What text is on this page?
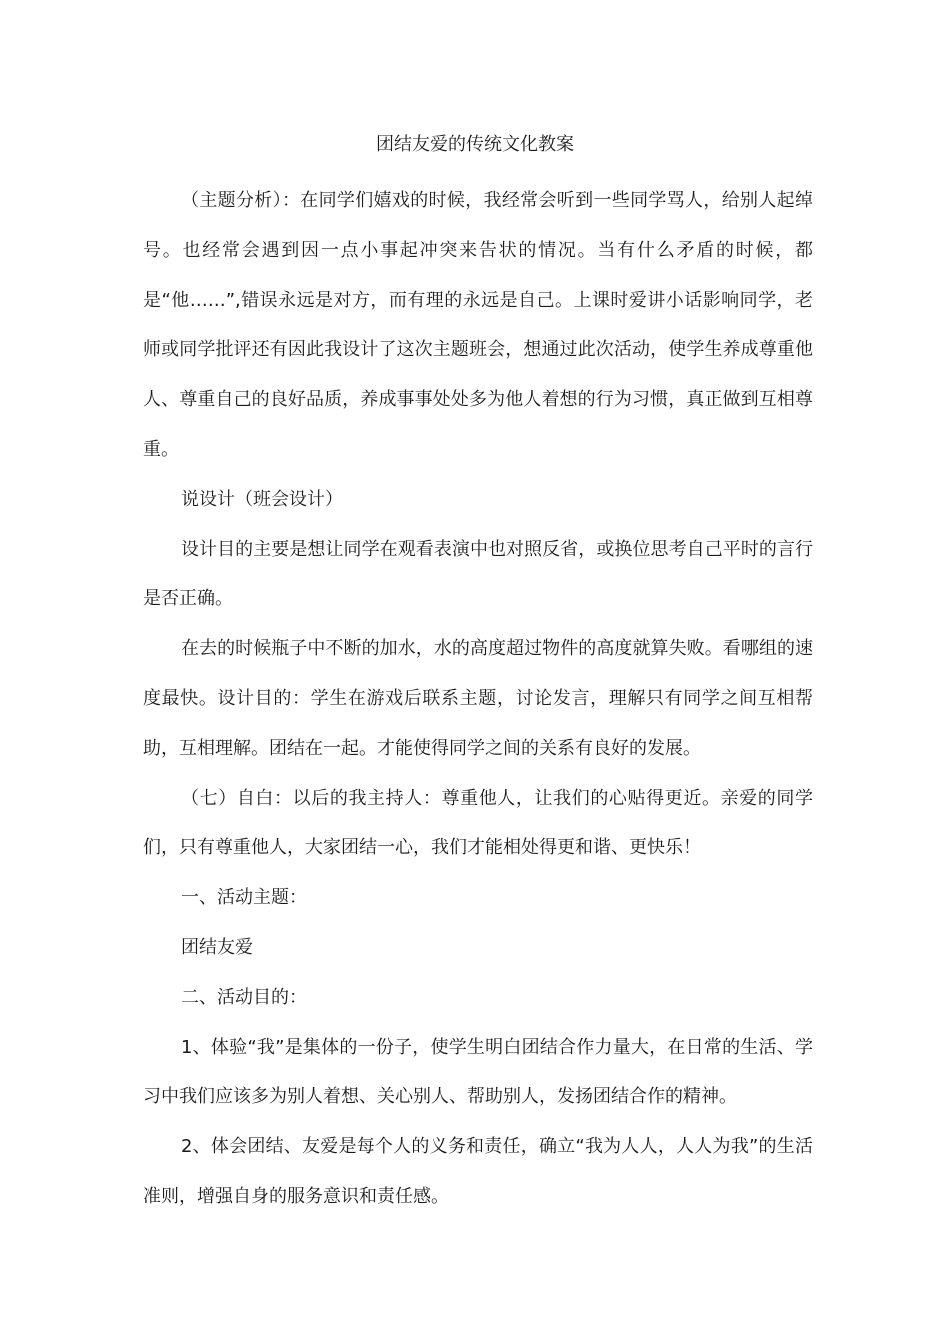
团结友爱的传统文化教案

（主题分析）：在同学们嬉戏的时候，我经常会听到一些同学骂人，给别人起绰号。也经常会遇到因一点小事起冲突来告状的情况。当有什么矛盾的时候，都是“他……”,错误永远是对方，而有理的永远是自己。上课时爱讲小话影响同学，老师或同学批评还有因此我设计了这次主题班会，想通过此次活动，使学生养成尊重他人、尊重自己的良好品质，养成事事处处多为他人着想的行为习惯，真正做到互相尊重。

说设计（班会设计）

设计目的主要是想让同学在观看表演中也对照反省，或换位思考自己平时的言行是否正确。

在去的时候瓶子中不断的加水，水的高度超过物件的高度就算失败。看哪组的速度最快。设计目的：学生在游戏后联系主题，讨论发言，理解只有同学之间互相帮助，互相理解。团结在一起。才能使得同学之间的关系有良好的发展。

（七）自白：以后的我主持人：尊重他人，让我们的心贴得更近。亲爱的同学们，只有尊重他人，大家团结一心，我们才能相处得更和谐、更快乐！

一、活动主题：

团结友爱

二、活动目的：

1、体验“我”是集体的一份子，使学生明白团结合作力量大，在日常的生活、学习中我们应该多为别人着想、关心别人、帮助别人，发扬团结合作的精神。

2、体会团结、友爱是每个人的义务和责任，确立“我为人人，人人为我”的生活准则，增强自身的服务意识和责任感。
